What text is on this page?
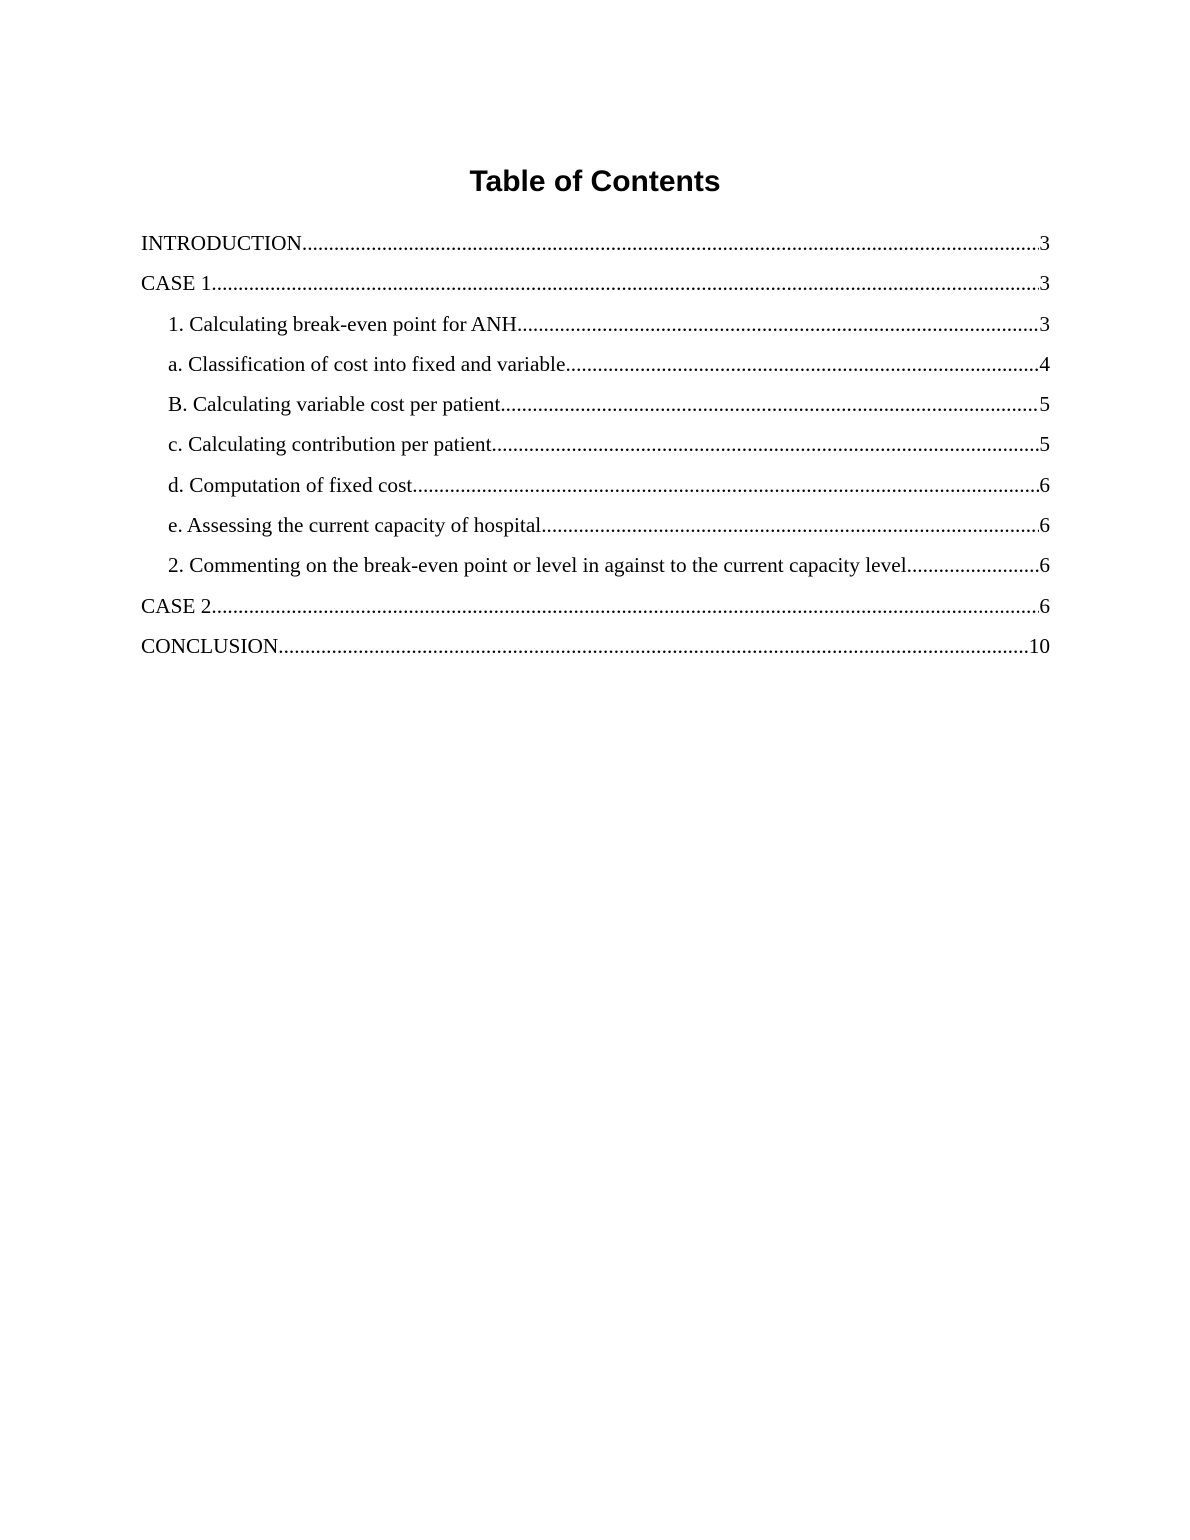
Table of Contents
INTRODUCTION .....	3
CASE 1 .....	3
1. Calculating break-even point for ANH .....	3
a. Classification of cost into fixed and variable .....	4
B. Calculating variable cost per patient .....	5
c. Calculating contribution per patient .....	5
d. Computation of fixed cost .....	6
e. Assessing the current capacity of hospital .....	6
2. Commenting on the break-even point or level in against to the current capacity level .....	6
CASE 2 .....	6
CONCLUSION .....	10
